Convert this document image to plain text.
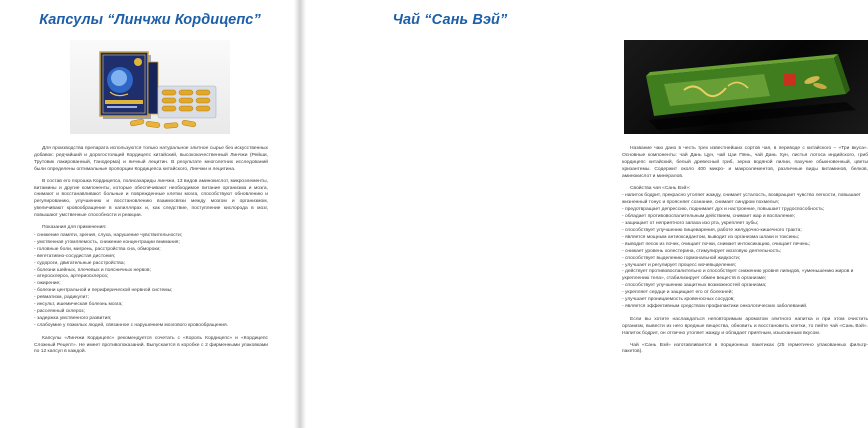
Капсулы “Линчжи Кордицепс”

Для производства препарата используются только натуральное элитное сырье без искусственных добавок: редчайший и дорогостоящий Кордицепс китайский, высококачественный Линчжи (Рейши, Трутовик лакированный, Ганодерма) и яичный лецитин. В результате многолетних исследований были определены оптимальные пропорции Кордицепса китайского, Линчжи и лецитина.

В состав его порошка Кордицепса, полисахариды линчжи, 13 видов аминокислот, микроэлементы, витамины и другие компоненты, которые обеспечивают необходимое питание организма и мозга, снимают и восстанавливают больные и поврежденные клетки мозга, способствуют обновлению и регулированию, улучшению и восстановлению взаимосвязи между мозгом и организмом, увеличивают кровообращение в капиллярах и, как следствие, поступление кислорода в мозг, повышают умственные способности и реакции.

Показания для применения:
- снижение памяти, зрения, слуха, нарушение чувствительности;
- умственная утомляемость, снижение концентрации внимания;
- головные боли, мигрень, расстройства сна, обмороки;
- вегетативно-сосудистая дистония;
- судороги, двигательные расстройства;
- болезни шейных, плечевых и поясничных нервов;
- атеросклероз, артериосклероз;
- ожирение;
- болезни центральной и периферической нервной системы;
- ревматизм, радикулит;
- инсульт, ишемическая болезнь мозга;
- рассеянный склероз;
- задержка умственного развития;
- слабоумие у пожилых людей, связанное с нарушением мозгового кровообращения.

Капсулы «Линчжи Кордицепс» рекомендуется сочетать с «Король Кордицепс» и «Кордицепс Сложный Рецепт». Не имеет противопоказаний. Выпускается в коробке с 2 фирменными упаковками по 12 капсул в каждой.

Чай “Сань Вэй”

Название чаю дано в честь трех известнейших сортов чая, в переводе с китайского – «Три вкуса». Основные компоненты: чай Дань Цун, чай Цзи Пянь, чай Дань Хун, листья лотоса индийского, гриб кордицепс китайский, белый древесный гриб, зерна водяной лилии, пахучие обыкновенный, цветы хризантемы. Содержит около 400 микро- и макроэлементов, различные виды витаминов, белков, аминокислот и минералов.

Свойства чая «Сань Вэй»:
- напиток бодрит, прекрасно утоляет жажду, снимает усталость, возвращает чувство легкости, повышает жизненный тонус и проясняет сознание, снимает синдром похмелья;
- предотвращает депрессию, поднимает дух и настроение, повышает трудоспособность;
- обладает противовоспалительным действием, снимает жар и воспаление;
- защищает от неприятного запаха изо рта, укрепляет зубы;
- способствует улучшению пищеварения, работе желудочно-кишечного тракта;
- является мощным антиоксидантом, выводит из организма шлаки и токсины;
- выводит песок из почек, очищает почки, снимает интоксикацию, очищает печень;
- снижает уровень холестерина, стимулирует мозговую деятельность;
- способствует выделению гормональной жидкости;
- улучшает и регулирует процесс мочевыделения;
- действует противовоспалительно и способствует снижению уровня липидов, «уменьшению жиров и укреплению тела», стабилизирует обмен веществ в организме;
- способствует улучшению защитных возможностей организма;
- укрепляет сердце и защищает его от болезней;
- улучшает проницаемость кровеносных сосудов;
- является эффективным средством профилактики онкологических заболеваний.

Если вы хотите наслаждаться неповторимым ароматом элитного напитка и при этом очистить организм, вывести из него вредные вещества, обновить и восстановить клетки, то пейте чай «Сань Вэй». Напиток бодрит, он отлично утоляет жажду и обладает приятным, изысканным вкусом.

Чай «Сань Вэй» изготавливается в порционных пакетиках (25 герметично упакованных фильтр-пакетов).
